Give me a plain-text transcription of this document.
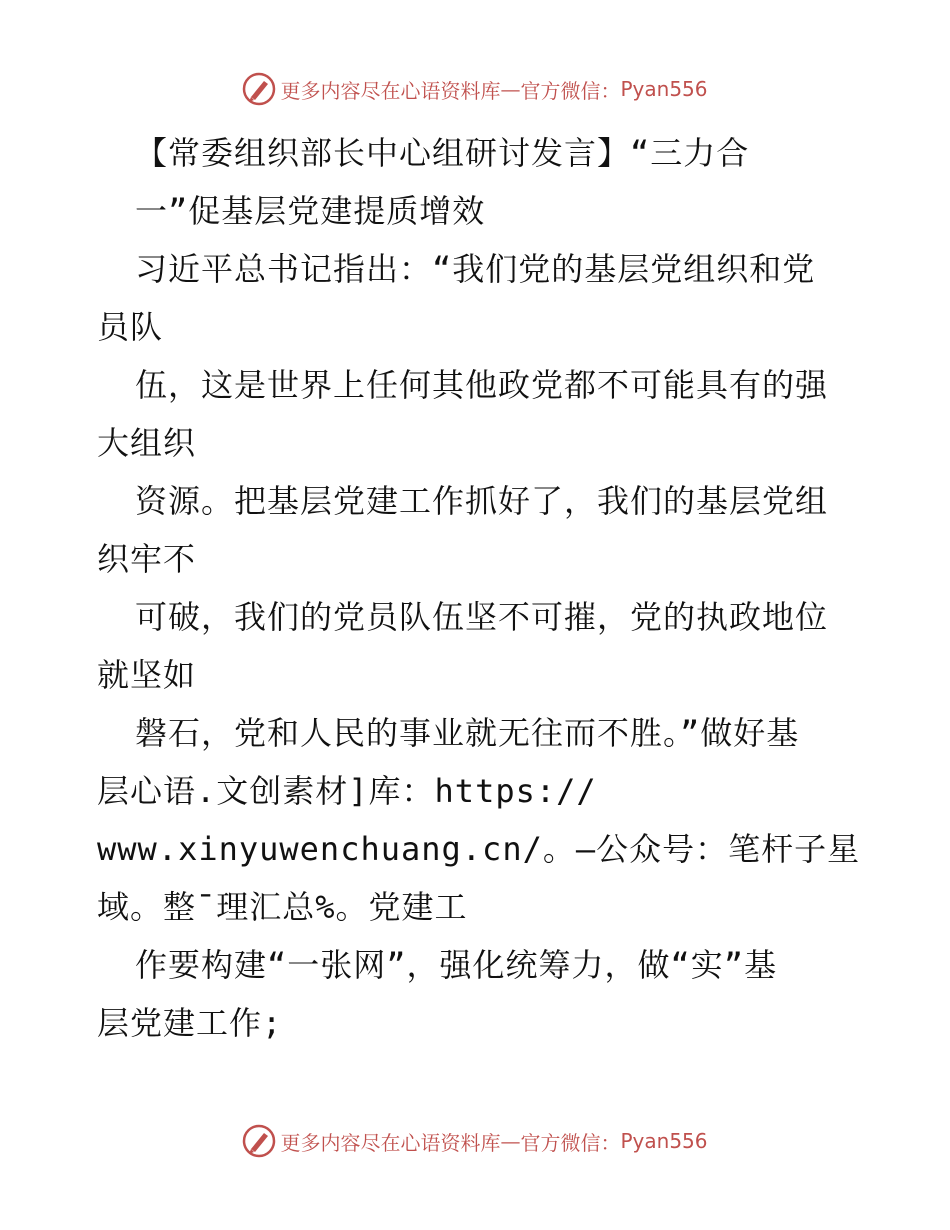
更多内容尽在心语资料库 — 官方微信： Pyan556
【常委组织部长中心组研讨发言】“三力合
一”促基层党建提质增效
习近平总书记指出：“我们党的基层党组织和党
员队
伍，这是世界上任何其他政党都不可能具有的强
大组织
资源。把基层党建工作抓好了，我们的基层党组
织牢不
可破，我们的党员队伍坚不可摧，党的执政地位
就坚如
磐石，党和人民的事业就无往而不胜。”做好基
层心语.文创素材]库：https://
www.xinyuwenchuang.cn/。—公众号：笔杆子星
域。整¯理汇总%。党建工
作要构建“一张网”，强化统筹力，做“实”基
层党建工作;
更多内容尽在心语资料库 — 官方微信： Pyan556
